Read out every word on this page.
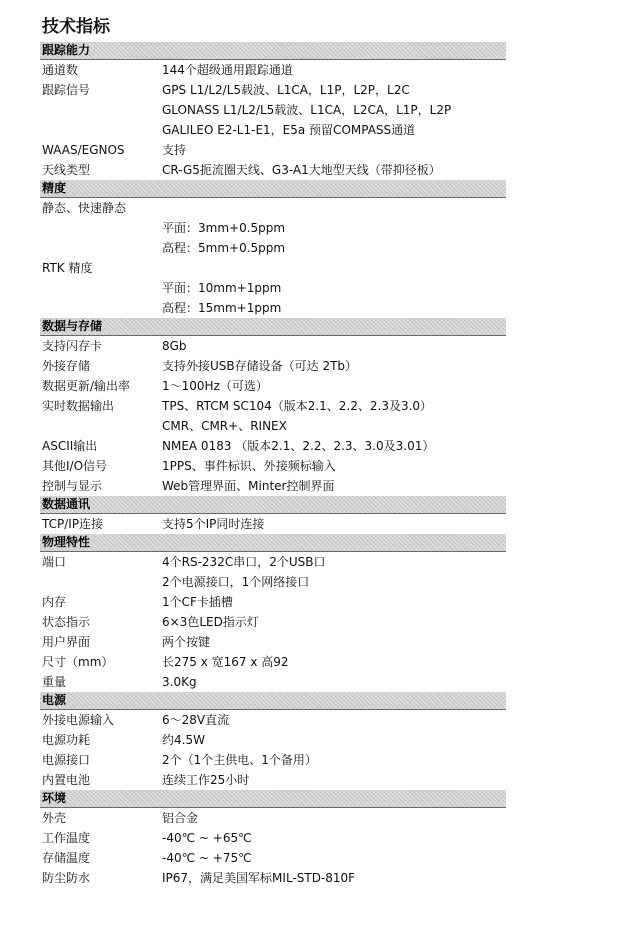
技术指标
跟踪能力
通道数	144个超级通用跟踪通道
跟踪信号	GPS L1/L2/L5载波、L1CA，L1P，L2P，L2C
GLONASS L1/L2/L5载波、L1CA，L2CA，L1P，L2P
GALILEO E2-L1-E1，E5a 预留COMPASS通道
WAAS/EGNOS	支持
天线类型	CR-G5扼流圈天线、G3-A1大地型天线（带抑径板）
精度
静态、快速静态
平面：3mm+0.5ppm
高程：5mm+0.5ppm
RTK 精度
平面：10mm+1ppm
高程：15mm+1ppm
数据与存储
支持闪存卡	8Gb
外接存储	支持外接USB存储设备（可达 2Tb）
数据更新/输出率	1～100Hz（可选）
实时数据输出	TPS、RTCM SC104（版本2.1、2.2、2.3及3.0）
CMR、CMR+、RINEX
ASCII输出	NMEA 0183 （版本2.1、2.2、2.3、3.0及3.01）
其他I/O信号	1PPS、事件标识、外接频标输入
控制与显示	Web管理界面、Minter控制界面
数据通讯
TCP/IP连接	支持5个IP同时连接
物理特性
端口	4个RS-232C串口，2个USB口
2个电源接口，1个网络接口
内存	1个CF卡插槽
状态指示	6×3色LED指示灯
用户界面	两个按键
尺寸（mm）	长275 x 宽167 x 高92
重量	3.0Kg
电源
外接电源输入	6～28V直流
电源功耗	约4.5W
电源接口	2个（1个主供电、1个备用）
内置电池	连续工作25小时
环境
外壳	铝合金
工作温度	-40℃ ~ +65℃
存储温度	-40℃ ~ +75℃
防尘防水	IP67，满足美国军标MIL-STD-810F
